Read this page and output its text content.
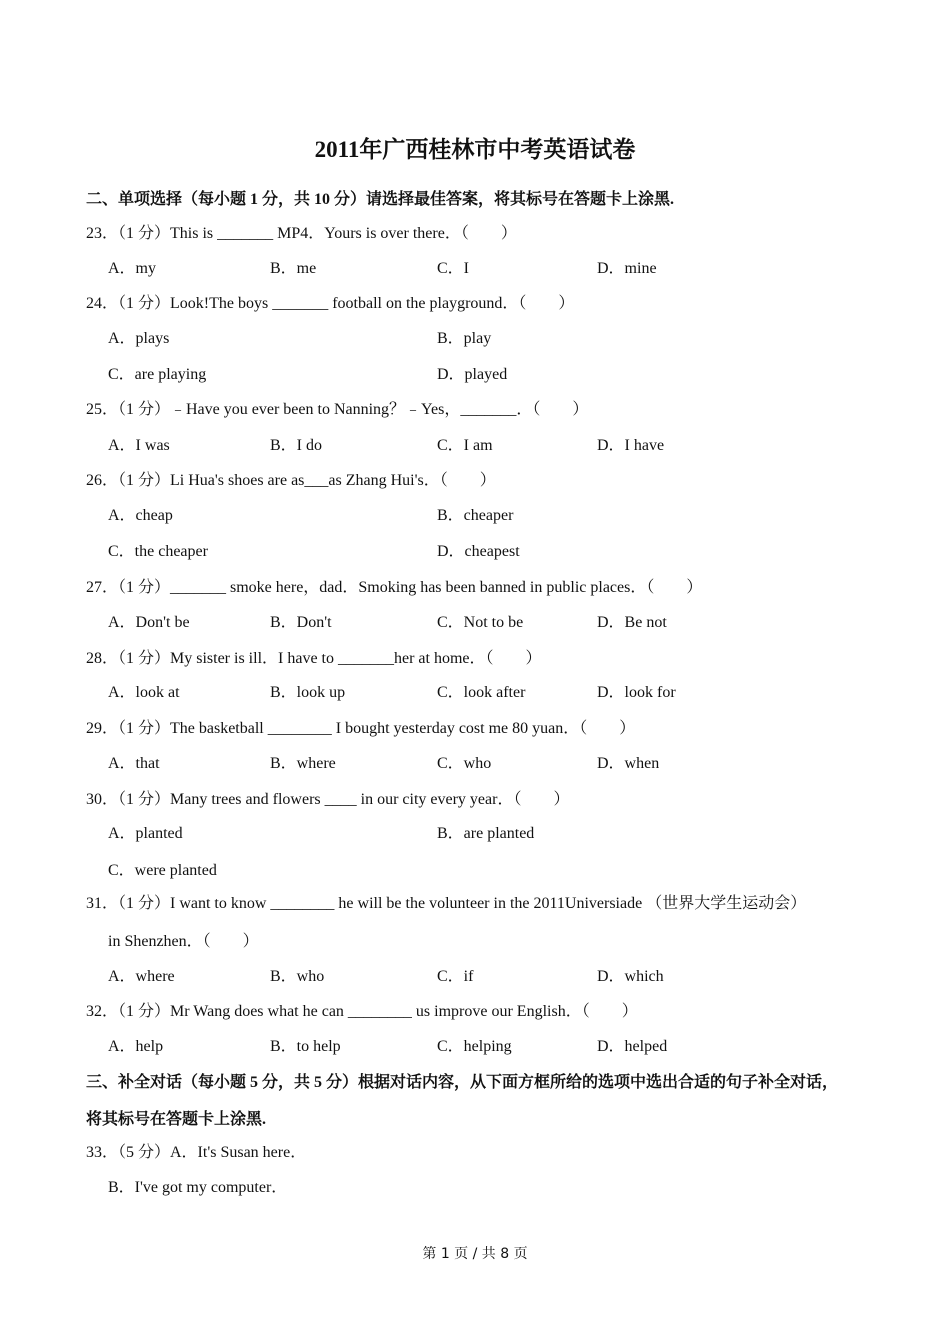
2011年广西桂林市中考英语试卷
二、单项选择（每小题 1 分，共 10 分）请选择最佳答案，将其标号在答题卡上涂黑.
23．（1 分）This is _______ MP4．Yours is over there．（　　）
A．my	B．me	C．I	D．mine
24．（1 分）Look!The boys _______ football on the playground．（　　）
A．plays	B．play
C．are playing	D．played
25．（1 分）﹣Have you ever been to Nanning？﹣Yes，_______．（　　）
A．I was	B．I do	C．I am	D．I have
26．（1 分）Li Hua's shoes are as___as Zhang Hui's．（　　）
A．cheap	B．cheaper
C．the cheaper	D．cheapest
27．（1 分）_______ smoke here，dad．Smoking has been banned in public places．（　　）
A．Don't be	B．Don't	C．Not to be	D．Be not
28．（1 分）My sister is ill．I have to _______her at home．（　　）
A．look at	B．look up	C．look after	D．look for
29．（1 分）The basketball ________ I bought yesterday cost me 80 yuan．（　　）
A．that	B．where	C．who	D．when
30．（1 分）Many trees and flowers ____ in our city every year．（　　）
A．planted	B．are planted
C．were planted
31．（1 分）I want to know ________ he will be the volunteer in the 2011Universiade （世界大学生运动会）
in Shenzhen．（　　）
A．where	B．who	C．if	D．which
32．（1 分）Mr Wang does what he can ________ us improve our English．（　　）
A．help	B．to help	C．helping	D．helped
三、补全对话（每小题 5 分，共 5 分）根据对话内容，从下面方框所给的选项中选出合适的句子补全对话，
将其标号在答题卡上涂黑.
33．（5 分）A．It's Susan here．
B．I've got my computer．
第 1 页 / 共 8 页
